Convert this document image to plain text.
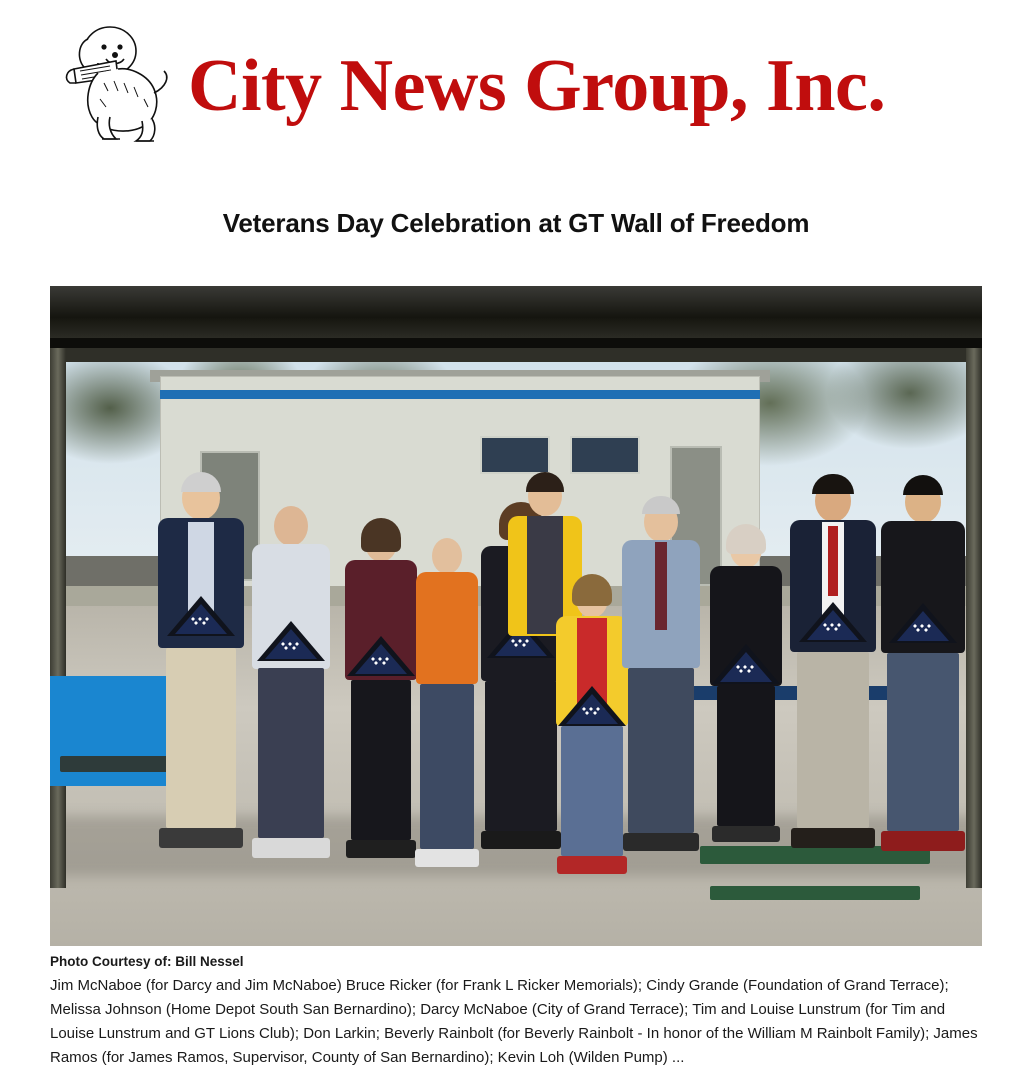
City News Group, Inc.
Veterans Day Celebration at GT Wall of Freedom
Photo Courtesy of: Bill Nessel
Jim McNaboe (for Darcy and Jim McNaboe) Bruce Ricker (for Frank L Ricker Memorials); Cindy Grande (Foundation of Grand Terrace); Melissa Johnson (Home Depot South San Bernardino); Darcy McNaboe (City of Grand Terrace); Tim and Louise Lunstrum (for Tim and Louise Lunstrum and GT Lions Club); Don Larkin; Beverly Rainbolt (for Beverly Rainbolt - In honor of the William M Rainbolt Family); James Ramos (for James Ramos, Supervisor, County of San Bernardino); Kevin Loh (Wilden Pump) ...
